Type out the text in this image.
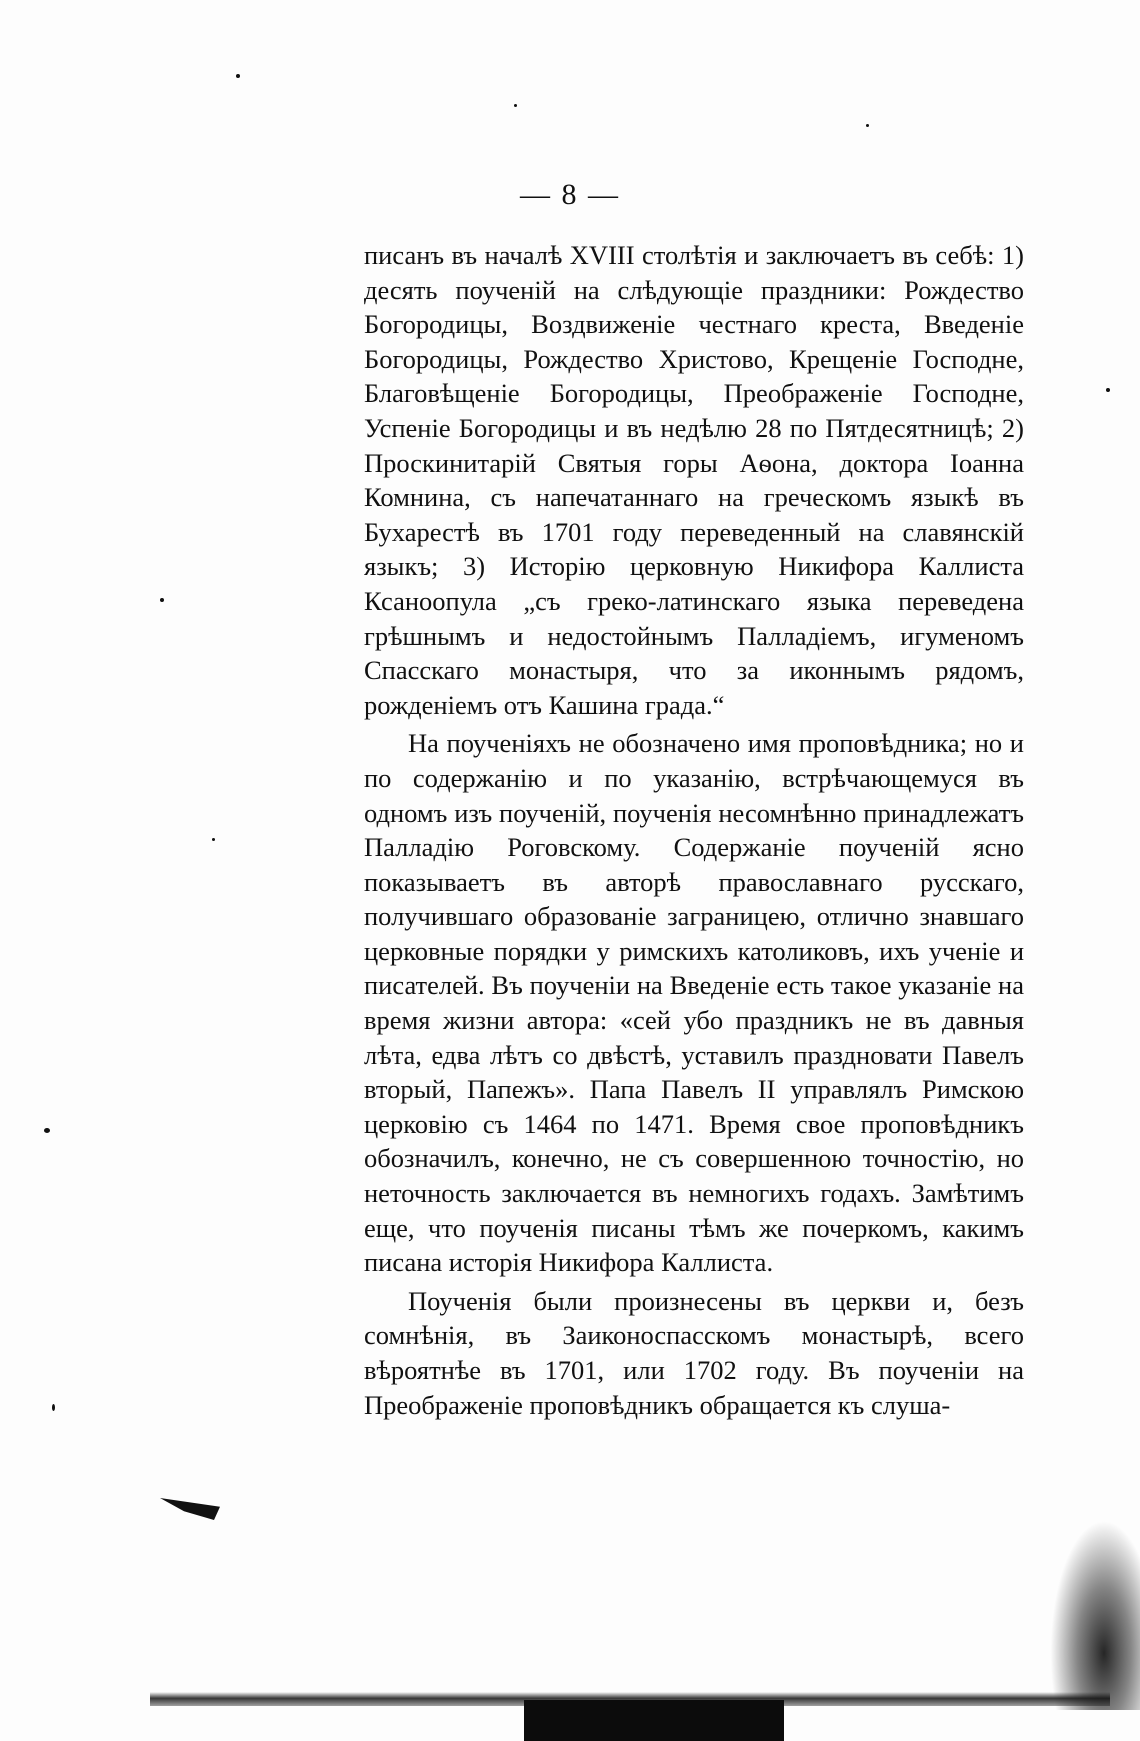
— 8 —

писанъ въ началѣ XVIII столѣтія и заключаетъ въ себѣ: 1) десять поученій на слѣдующіе праздники: Рождество Богородицы, Воздвиженіе честнаго креста, Введеніе Богородицы, Рождество Христово, Крещеніе Господне, Благовѣщеніе Богородицы, Преображеніе Господне, Успеніе Богородицы и въ недѣлю 28 по Пятдесятницѣ; 2) Проскинитарій Святыя горы Аѳона, доктора Іоанна Комнина, съ напечатаннаго на греческомъ языкѣ въ Бухарестѣ въ 1701 году переведенный на славянскій языкъ; 3) Исторію церковную Никифора Каллиста Ксаноопула „съ греко-латинскаго языка переведена грѣшнымъ и недостойнымъ Палладіемъ, игуменомъ Спасскаго монастыря, что за иконнымъ рядомъ, рожденіемъ отъ Кашина града.“

На поученіяхъ не обозначено имя проповѣдника; но и по содержанію и по указанію, встрѣчающемуся въ одномъ изъ поученій, поученія несомнѣнно принадлежатъ Палладію Роговскому. Содержаніе поученій ясно показываетъ въ авторѣ православнаго русскаго, получившаго образованіе заграницею, отлично знавшаго церковные порядки у римскихъ католиковъ, ихъ ученіе и писателей. Въ поученіи на Введеніе есть такое указаніе на время жизни автора: «сей убо праздникъ не въ давныя лѣта, едва лѣтъ со двѣстѣ, уставилъ праздновати Павелъ вторый, Папежъ». Папа Павелъ II управлялъ Римскою церковію съ 1464 по 1471. Время свое проповѣдникъ обозначилъ, конечно, не съ совершенною точностію, но неточность заключается въ немногихъ годахъ. Замѣтимъ еще, что поученія писаны тѣмъ же почеркомъ, какимъ писана исторія Никифора Каллиста.

Поученія были произнесены въ церкви и, безъ сомнѣнія, въ Заиконоспасскомъ монастырѣ, всего вѣроятнѣе въ 1701, или 1702 году. Въ поученіи на Преображеніе проповѣдникъ обращается къ слуша-
